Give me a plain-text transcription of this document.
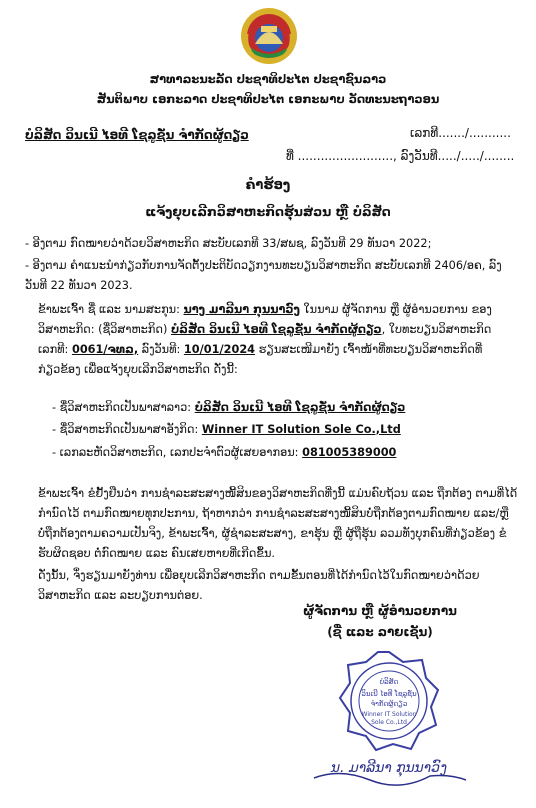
ສາທາລະນະລັດ ປະຊາທິປະໄຕ ປະຊາຊົນລາວ
ສັນຕິພາບ ເອກະລາດ ປະຊາທິປະໄຕ ເອກະພາບ ວັດທະນະຖາວອນ
ບໍລິສັດ ວິນເນີ ໄອທີ ໂຊລູຊັ່ນ ຈໍາກັດຜູ້ດຽວ	ເລກທີ......./...........
ທີ່ ........................., ລົງວັນທີ...../...../........
ຄໍາຮ້ອງ
ແຈ້ງຍຸບເລີກວິສາຫະກິດຮຸ້ນສ່ວນ ຫຼື ບໍລິສັດ
- ອີງຕາມ ກົດໝາຍວ່າດ້ວຍວິສາຫະກິດ ສະບັບເລກທີ 33/ສພຊ, ລົງວັນທີ 29 ທັນວາ 2022;
- ອີງຕາມ ຄໍາແນະນໍາກ່ຽວກັບການຈັດຕັ້ງປະຕິບັດວຽກງານທະບຽນວິສາຫະກິດ ສະບັບເລກທີ 2406/ອຄ, ລົງວັນທີ 22 ທັນວາ 2023.
ຂ້າພະເຈົ້າ ຊື່ ແລະ ນາມສະກຸນ: ນາງ ມາລີນາ ກຸນນາວົງ ໃນນາມ ຜູ້ຈັດການ ຫຼື ຜູ້ອໍານວຍການ ຂອງວິສາຫະກິດ: (ຊື່ວິສາຫະກິດ) ບໍລິສັດ ວິນເນີ ໄອທີ ໂຊລູຊັ່ນ ຈໍາກັດຜູ້ດຽວ, ໃບທະບຽນວິສາຫະກິດເລກທີ: 0061/ຈທລ, ລົງວັນທີ: 10/01/2024 ຮຽນສະເໜີມາຍັງ ເຈົ້າໜ້າທີ່ທະບຽນວິສາຫະກິດທີ່ກ່ຽວຂ້ອງ ເພື່ອແຈ້ງຍຸບເລີກວິສາຫະກິດ ດັ່ງນີ້:
- ຊື່ວິສາຫະກິດເປັນພາສາລາວ: ບໍລິສັດ ວິນເນີ ໄອທີ ໂຊລູຊັ່ນ ຈໍາກັດຜູ້ດຽວ
- ຊື່ວິສາຫະກິດເປັນພາສາອັງກິດ: Winner IT Solution Sole Co.,Ltd
- ເລກລະຫັດວິສາຫະກິດ, ເລກປະຈໍາຕົວຜູ້ເສຍອາກອນ: 081005389000
ຂ້າພະເຈົ້າ ຂໍຢັ້ງຢືນວ່າ ການຊໍາລະສະສາງໜີ້ສິນຂອງວິສາຫະກິດທີ່ງນີ້ ແມ່ນຄົບຖ້ວນ ແລະ ຖືກຕ້ອງ ຕາມທີ່ໄດ້ກໍານົດໄວ້ ຕາມກົດໝາຍທຸກປະການ, ຖ້າຫາກວ່າ ການຊໍາລະສະສາງໜີ້ສິນບໍ່ຖືກຕ້ອງຕາມກົດໝາຍ ແລະ/ຫຼື ບໍ່ຖືກຕ້ອງຕາມຄວາມເປັນຈິງ, ຂ້າພະເຈົ້າ, ຜູ້ຊໍາລະສະສາງ, ຂາຮຸ້ນ ຫຼື ຜູ້ຖືຮຸ້ນ ລວມທັງບຸກຄົນທີ່ກ່ຽວຂ້ອງ ຂໍຮັບຜິດຊອບ ຕໍ່ກົດໝາຍ ແລະ ຄົນເສຍຫາຍທີ່ເກີດຂຶ້ນ.
ດັ່ງນັ້ນ, ຈຶ່ງຮຽນມາຍັງທ່ານ ເພື່ອຍຸບເລີກວິສາຫະກິດ ຕາມຂັ້ນຕອນທີ່ໄດ້ກໍານົດໄວ້ໃນກົດໝາຍວ່າດ້ວຍວິສາຫະກິດ ແລະ ລະບຽບການຕ່ອຍ.
ຜູ້ຈັດການ ຫຼື ຜູ້ອໍານວຍການ
(ຊື່ ແລະ ລາຍເຊັນ)
ບໍລິສັດ
ວິນເນີ ໄອທີ ໂຊລູຊັ່ນ
ຈໍາກັດຜູ້ດຽວ
Winner IT Solution
Sole Co.,Ltd
ນ. ມາລີນາ ກຸນນາວົງ
